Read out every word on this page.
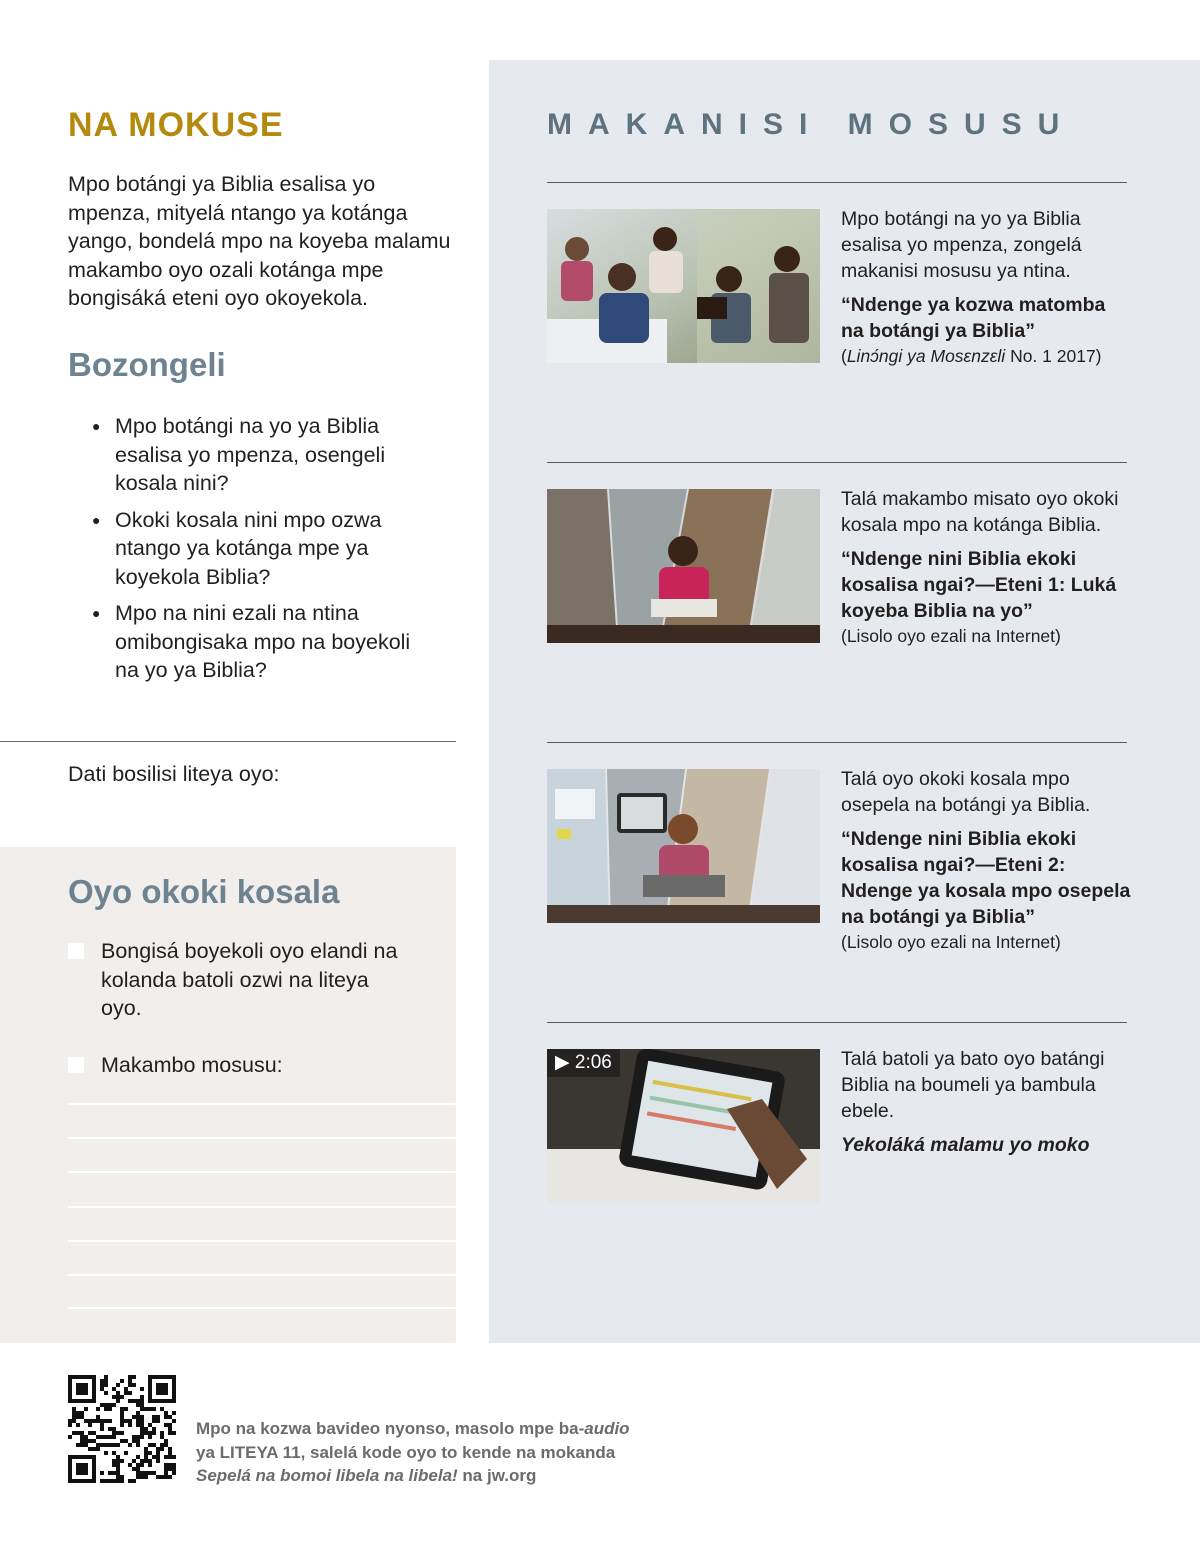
NA MOKUSE

Mpo botángi ya Biblia esalisa yo mpenza, mityelá ntango ya kotánga yango, bondelá mpo na koyeba malamu makambo oyo ozali kotánga mpe bongisáká eteni oyo okoyekola.

Bozongeli
● Mpo botángi na yo ya Biblia esalisa yo mpenza, osengeli kosala nini?
● Okoki kosala nini mpo ozwa ntango ya kotánga mpe ya koyekola Biblia?
● Mpo na nini ezali na ntina omibongisaka mpo na boyekoli na yo ya Biblia?
Dati bosilisi liteya oyo:
Oyo okoki kosala
Bongisá boyekoli oyo elandi na kolanda batoli ozwi na liteya oyo.
Makambo mosusu:
MAKANISI MOSUSU

Mpo botángi na yo ya Biblia esalisa yo mpenza, zongelá makanisi mosusu ya ntina.

“Ndenge ya kozwa matomba na botángi ya Biblia”

(Linɔ́ngi ya Mosɛnzɛli No. 1 2017)

Talá makambo misato oyo okoki kosala mpo na kotánga Biblia.

“Ndenge nini Biblia ekoki kosalisa ngai?—Eteni 1: Luká koyeba Biblia na yo”

(Lisolo oyo ezali na Internet)

Talá oyo okoki kosala mpo osepela na botángi ya Biblia.

“Ndenge nini Biblia ekoki kosalisa ngai?—Eteni 2: Ndenge ya kosala mpo osepela na botángi ya Biblia”

(Lisolo oyo ezali na Internet)

▶ 2:06	Talá batoli ya bato oyo batángi Biblia na boumeli ya bambula ebele.

Yekoláká malamu yo moko

Mpo na kozwa bavideo nyonso, masolo mpe ba-audio
ya LITEYA 11, salelá kode oyo to kende na mokanda
Sepelá na bomoi libela na libela! na jw.org
